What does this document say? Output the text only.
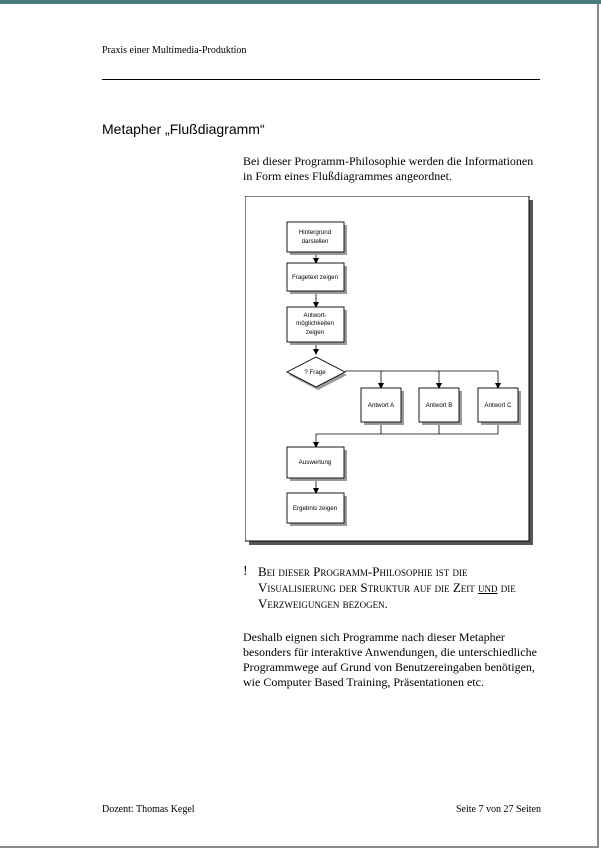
Praxis einer Multimedia-Produktion
Metapher „Flußdiagramm“
Bei dieser Programm-Philosophie werden die Informationen
in Form eines Flußdiagrammes angeordnet.
Hintergrund
darstellen
Fragetext zeigen
Antwort-
möglichkeiten
zeigen
? Frage
Antwort A	Antwort B	Antwort C
Auswertung
Ergebnis zeigen
! Bei dieser Programm-Philosophie ist die Visualisierung der Struktur auf die Zeit und die Verzweigungen bezogen.
Deshalb eignen sich Programme nach dieser Metapher besonders für interaktive Anwendungen, die unterschiedliche Programmwege auf Grund von Benutzereingaben benötigen, wie Computer Based Training, Präsentationen etc.
Dozent: Thomas Kegel	Seite 7 von 27 Seiten
